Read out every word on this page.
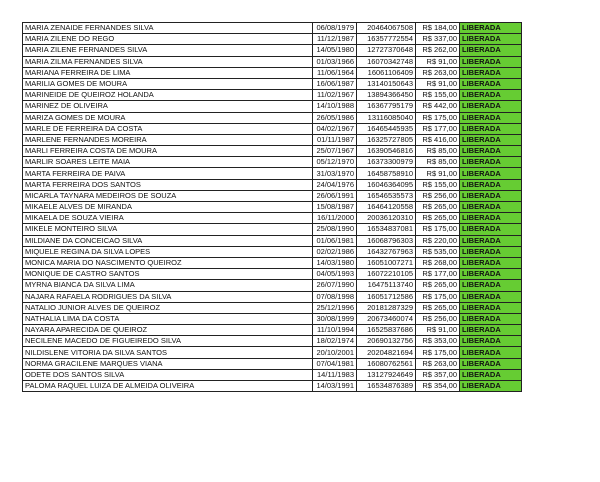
MARIA ZENAIDE FERNANDES SILVA	06/08/1979	20464067508	R$ 184,00	LIBERADA
MARIA ZILENE DO REGO	11/12/1987	16357772554	R$ 337,00	LIBERADA
MARIA ZILENE FERNANDES SILVA	14/05/1980	12727370648	R$ 262,00	LIBERADA
MARIA ZILMA FERNANDES SILVA	01/03/1966	16070342748	R$ 91,00	LIBERADA
MARIANA FERREIRA DE LIMA	11/06/1964	16061106409	R$ 263,00	LIBERADA
MARILIA GOMES DE MOURA	16/06/1987	13140150643	R$ 91,00	LIBERADA
MARINEIDE DE QUEIROZ HOLANDA	11/02/1967	13894366450	R$ 155,00	LIBERADA
MARINEZ DE OLIVEIRA	14/10/1988	16367795179	R$ 442,00	LIBERADA
MARIZA GOMES DE MOURA	26/05/1986	13116085040	R$ 175,00	LIBERADA
MARLE DE FERREIRA DA COSTA	04/02/1967	16465445935	R$ 177,00	LIBERADA
MARLENE FERNANDES MOREIRA	01/11/1987	16325727805	R$ 416,00	LIBERADA
MARLI FERREIRA COSTA DE MOURA	25/07/1967	16390546816	R$ 85,00	LIBERADA
MARLIR SOARES LEITE MAIA	05/12/1970	16373300979	R$ 85,00	LIBERADA
MARTA FERREIRA DE PAIVA	31/03/1970	16458758910	R$ 91,00	LIBERADA
MARTA FERREIRA DOS SANTOS	24/04/1976	16046364095	R$ 155,00	LIBERADA
MICARLA TAYNARA MEDEIROS DE SOUZA	26/06/1991	16546535573	R$ 256,00	LIBERADA
MIKAELE ALVES DE MIRANDA	15/08/1987	16464120558	R$ 265,00	LIBERADA
MIKAELA DE SOUZA VIEIRA	16/11/2000	20036120310	R$ 265,00	LIBERADA
MIKELE MONTEIRO SILVA	25/08/1990	16534837081	R$ 175,00	LIBERADA
MILDIANE DA CONCEICAO SILVA	01/06/1981	16068796303	R$ 220,00	LIBERADA
MIQUELE REGINA DA SILVA LOPES	02/02/1986	16432767963	R$ 535,00	LIBERADA
MONICA MARIA DO NASCIMENTO QUEIROZ	14/03/1980	16051007271	R$ 268,00	LIBERADA
MONIQUE DE CASTRO SANTOS	04/05/1993	16072210105	R$ 177,00	LIBERADA
MYRNA BIANCA DA SILVA LIMA	26/07/1990	16475113740	R$ 265,00	LIBERADA
NAJARA RAFAELA RODRIGUES DA SILVA	07/08/1998	16051712586	R$ 175,00	LIBERADA
NATALIO JUNIOR ALVES DE QUEIROZ	25/12/1996	20181287329	R$ 265,00	LIBERADA
NATHALIA LIMA DA COSTA	30/08/1999	20673460074	R$ 256,00	LIBERADA
NAYARA APARECIDA DE QUEIROZ	11/10/1994	16525837686	R$ 91,00	LIBERADA
NECILENE MACEDO DE FIGUEIREDO SILVA	18/02/1974	20690132756	R$ 353,00	LIBERADA
NILDISLENE VITORIA DA SILVA SANTOS	20/10/2001	20204821694	R$ 175,00	LIBERADA
NORMA GRACILENE MARQUES VIANA	07/04/1981	16080762561	R$ 263,00	LIBERADA
ODETE DOS SANTOS SILVA	14/11/1983	13127924649	R$ 357,00	LIBERADA
PALOMA RAQUEL LUIZA DE ALMEIDA OLIVEIRA	14/03/1991	16534876389	R$ 354,00	LIBERADA
